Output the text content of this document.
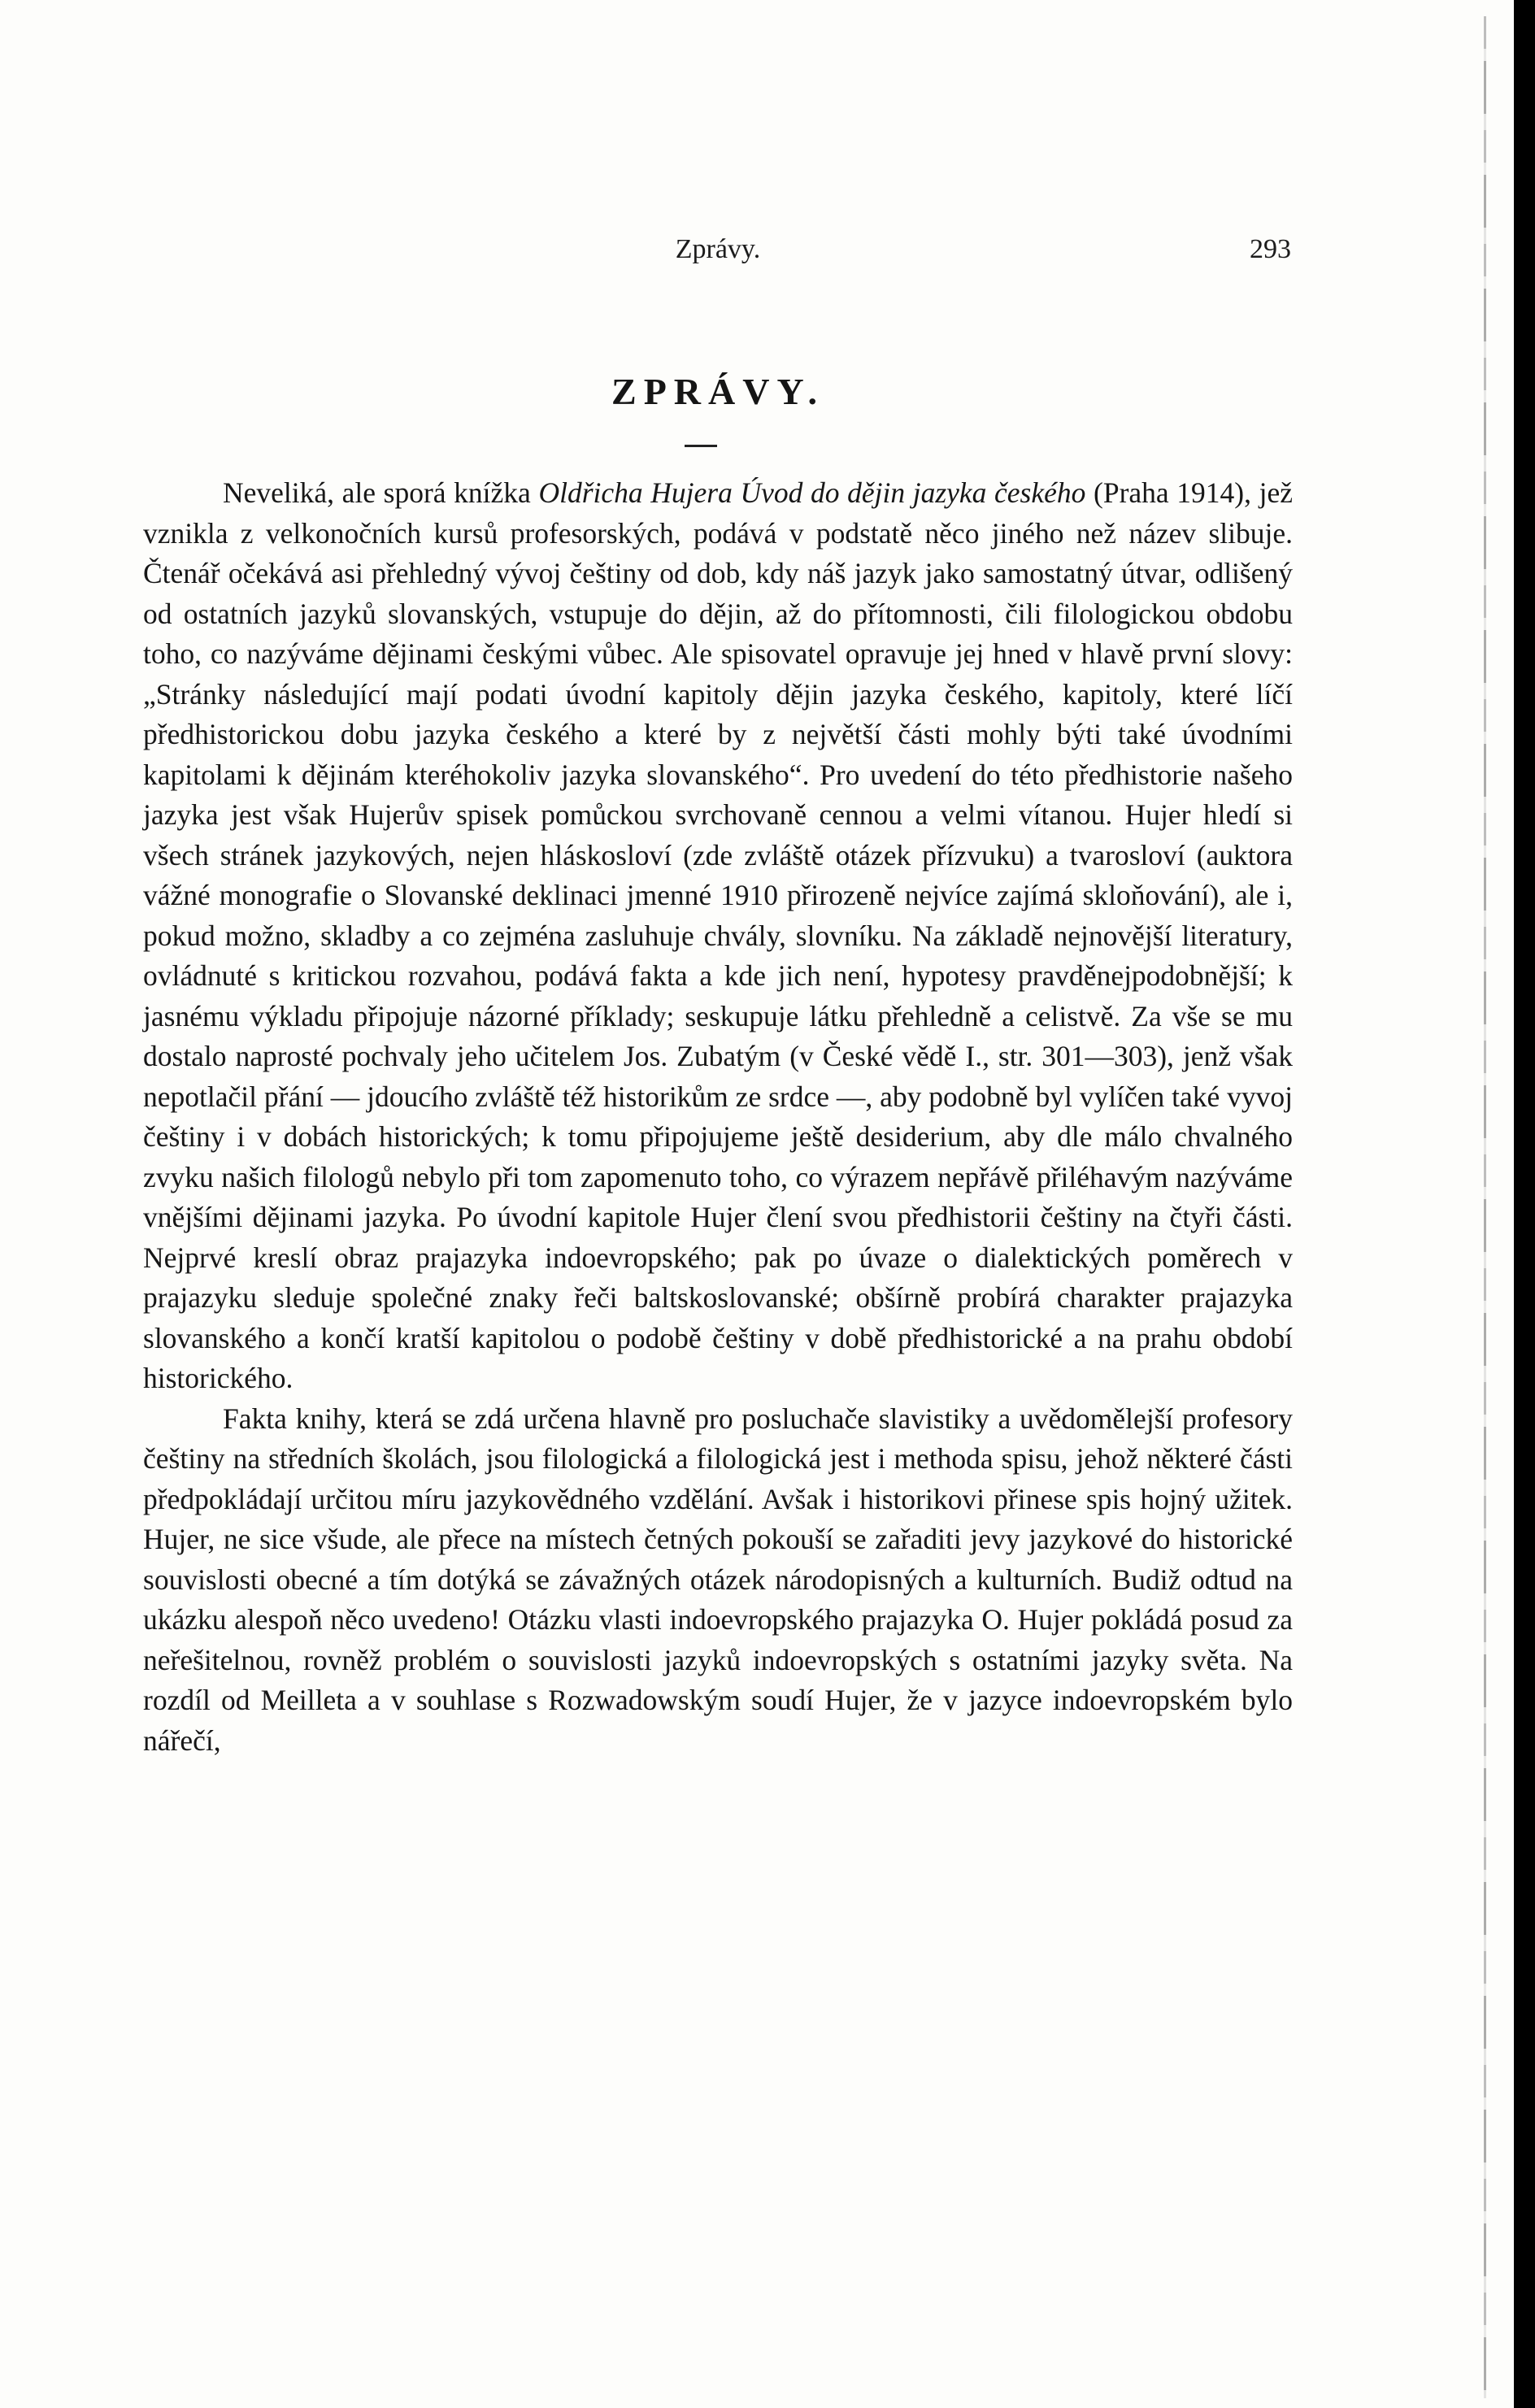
Zprávy.	293
ZPRÁVY.

Neveliká, ale sporá knížka Oldřicha Hujera Úvod do dějin jazyka českého (Praha 1914), jež vznikla z velkonočních kursů profesorských, podává v podstatě něco jiného než název slibuje. Čtenář očekává asi přehledný vývoj češtiny od dob, kdy náš jazyk jako samostatný útvar, odlišený od ostatních jazyků slovanských, vstupuje do dějin, až do přítomnosti, čili filologickou obdobu toho, co nazýváme dějinami českými vůbec. Ale spisovatel opravuje jej hned v hlavě první slovy: „Stránky následující mají podati úvodní kapitoly dějin jazyka českého, kapitoly, které líčí předhistorickou dobu jazyka českého a které by z největší části mohly býti také úvodními kapitolami k dějinám kteréhokoliv jazyka slovanského“. Pro uvedení do této předhistorie našeho jazyka jest však Hujerův spisek pomůckou svrchovaně cennou a velmi vítanou. Hujer hledí si všech stránek jazykových, nejen hláskosloví (zde zvláště otázek přízvuku) a tvarosloví (auktora vážné monografie o Slovanské deklinaci jmenné 1910 přirozeně nejvíce zajímá skloňování), ale i, pokud možno, skladby a co zejména zasluhuje chvály, slovníku. Na základě nejnovější literatury, ovládnuté s kritickou rozvahou, podává fakta a kde jich není, hypotesy pravděnejpodobnější; k jasnému výkladu připojuje názorné příklady; seskupuje látku přehledně a celistvě. Za vše se mu dostalo naprosté pochvaly jeho učitelem Jos. Zubatým (v České vědě I., str. 301—303), jenž však nepotlačil přání — jdoucího zvláště též historikům ze srdce —, aby podobně byl vylíčen také vyvoj češtiny i v dobách historických; k tomu připojujeme ještě desiderium, aby dle málo chvalného zvyku našich filologů nebylo při tom zapomenuto toho, co výrazem nepřávě přiléhavým nazýváme vnějšími dějinami jazyka. Po úvodní kapitole Hujer člení svou předhistorii češtiny na čtyři části. Nejprvé kreslí obraz prajazyka indoevropského; pak po úvaze o dialektických poměrech v prajazyku sleduje společné znaky řeči baltskoslovanské; obšírně probírá charakter prajazyka slovanského a končí kratší kapitolou o podobě češtiny v době předhistorické a na prahu období historického.

Fakta knihy, která se zdá určena hlavně pro posluchače slavistiky a uvědomělejší profesory češtiny na středních školách, jsou filologická a filologická jest i methoda spisu, jehož některé části předpokládají určitou míru jazykovědného vzdělání. Avšak i historikovi přinese spis hojný užitek. Hujer, ne sice všude, ale přece na místech četných pokouší se zařaditi jevy jazykové do historické souvislosti obecné a tím dotýká se závažných otázek národopisných a kulturních. Budiž odtud na ukázku alespoň něco uvedeno! Otázku vlasti indoevropského prajazyka O. Hujer pokládá posud za neřešitelnou, rovněž problém o souvislosti jazyků indoevropských s ostatními jazyky světa. Na rozdíl od Meilleta a v souhlase s Rozwadowským soudí Hujer, že v jazyce indoevropském bylo nářečí,
